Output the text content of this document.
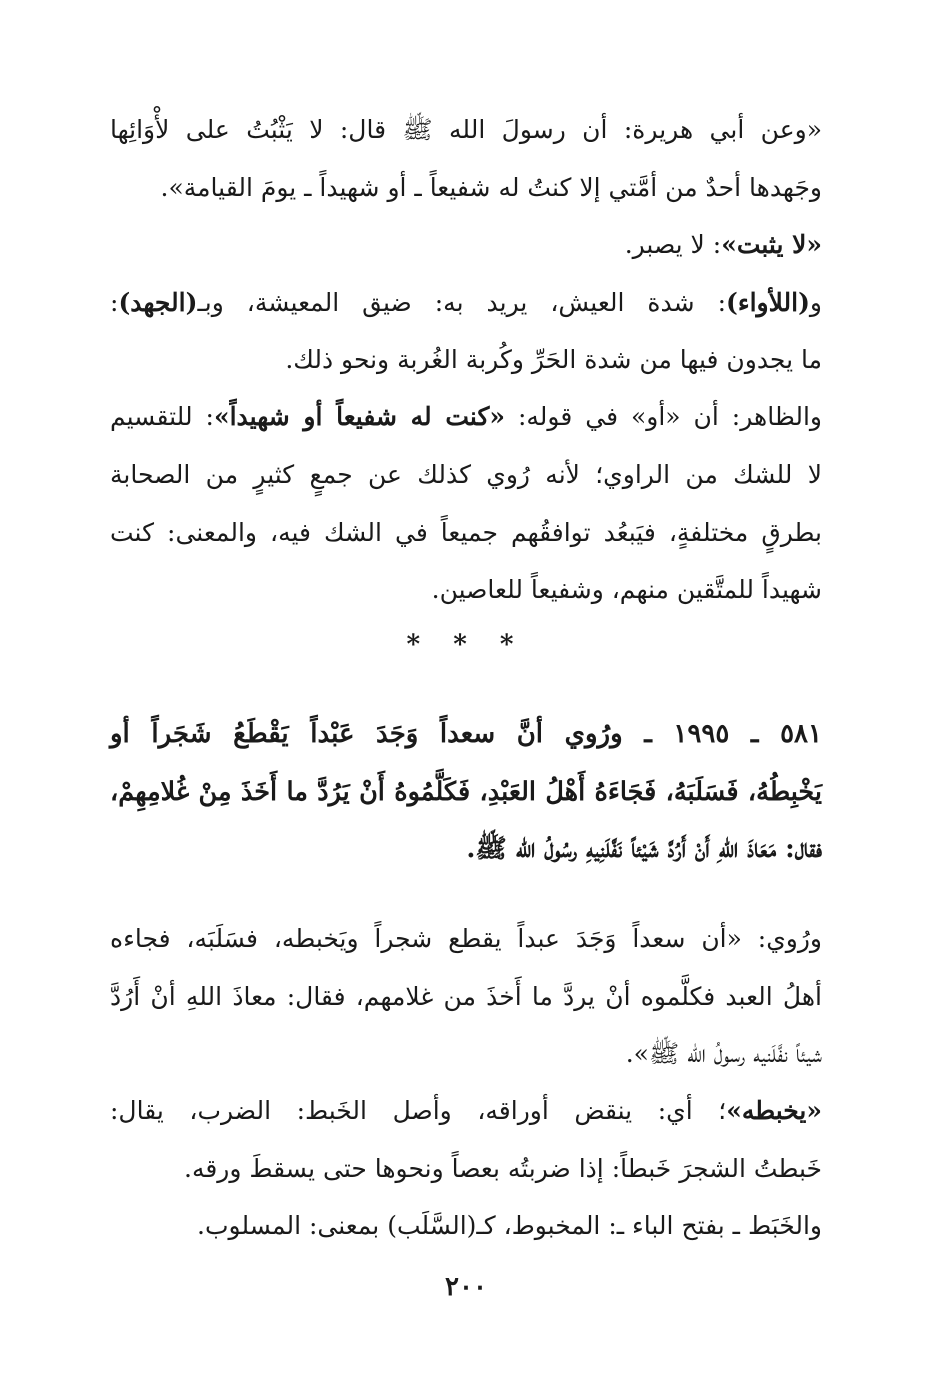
«وعن أبي هريرة: أن رسولَ الله ﷺ قال: لا يَثْبُتُ على لأْوَائِها
وجَهدها أحدٌ من أمَّتي إلا كنتُ له شفيعاً ـ أو شهيداً ـ يومَ القيامة».
«لا يثبت»: لا يصبر.
و(اللأواء): شدة العيش، يريد به: ضيق المعيشة، وبـ(الجهد):
ما يجدون فيها من شدة الحَرِّ وكُربة الغُربة ونحو ذلك.
والظاهر: أن «أو» في قوله: «كنت له شفيعاً أو شهيداً»: للتقسيم
لا للشك من الراوي؛ لأنه رُوي كذلك عن جمعٍ كثيرٍ من الصحابة
بطرقٍ مختلفةٍ، فيَبعُد توافقُهم جميعاً في الشك فيه، والمعنى: كنت
شهيداً للمتَّقين منهم، وشفيعاً للعاصين.
* * *
٥٨١ ـ ١٩٩٥ ـ ورُوي أنَّ سعداً وَجَدَ عَبْداً يَقْطَعُ شَجَراً أو
يَخْبِطُهُ، فَسَلَبَهُ، فَجَاءَهُ أَهْلُ العَبْدِ، فَكَلَّمُوهُ أَنْ يَرُدَّ ما أَخَذَ مِنْ غُلامِهِمْ،
فقال: مَعَاذَ اللهِ أَنْ أَرُدَّ شَيْئاً نَفَّلَنِيهِ رسُولُ الله ﷺ.
ورُوي: «أن سعداً وَجَدَ عبداً يقطع شجراً ويَخبطه، فسَلَبَه، فجاءه
أهلُ العبد فكلَّموه أنْ يردَّ ما أَخذَ من غلامهم، فقال: معاذَ اللهِ أنْ أَرُدَّ
شيئاً نفَّلَنيه رسولُ الله ﷺ».
«يخبطه»؛ أي: ينقض أوراقه، وأصل الخَبط: الضرب، يقال:
خَبطتُ الشجرَ خَبطاً: إذا ضربتُه بعصاً ونحوها حتى يسقطَ ورقه.
والخَبَط ـ بفتح الباء ـ: المخبوط، كـ(السَّلَب) بمعنى: المسلوب.
٢٠٠
